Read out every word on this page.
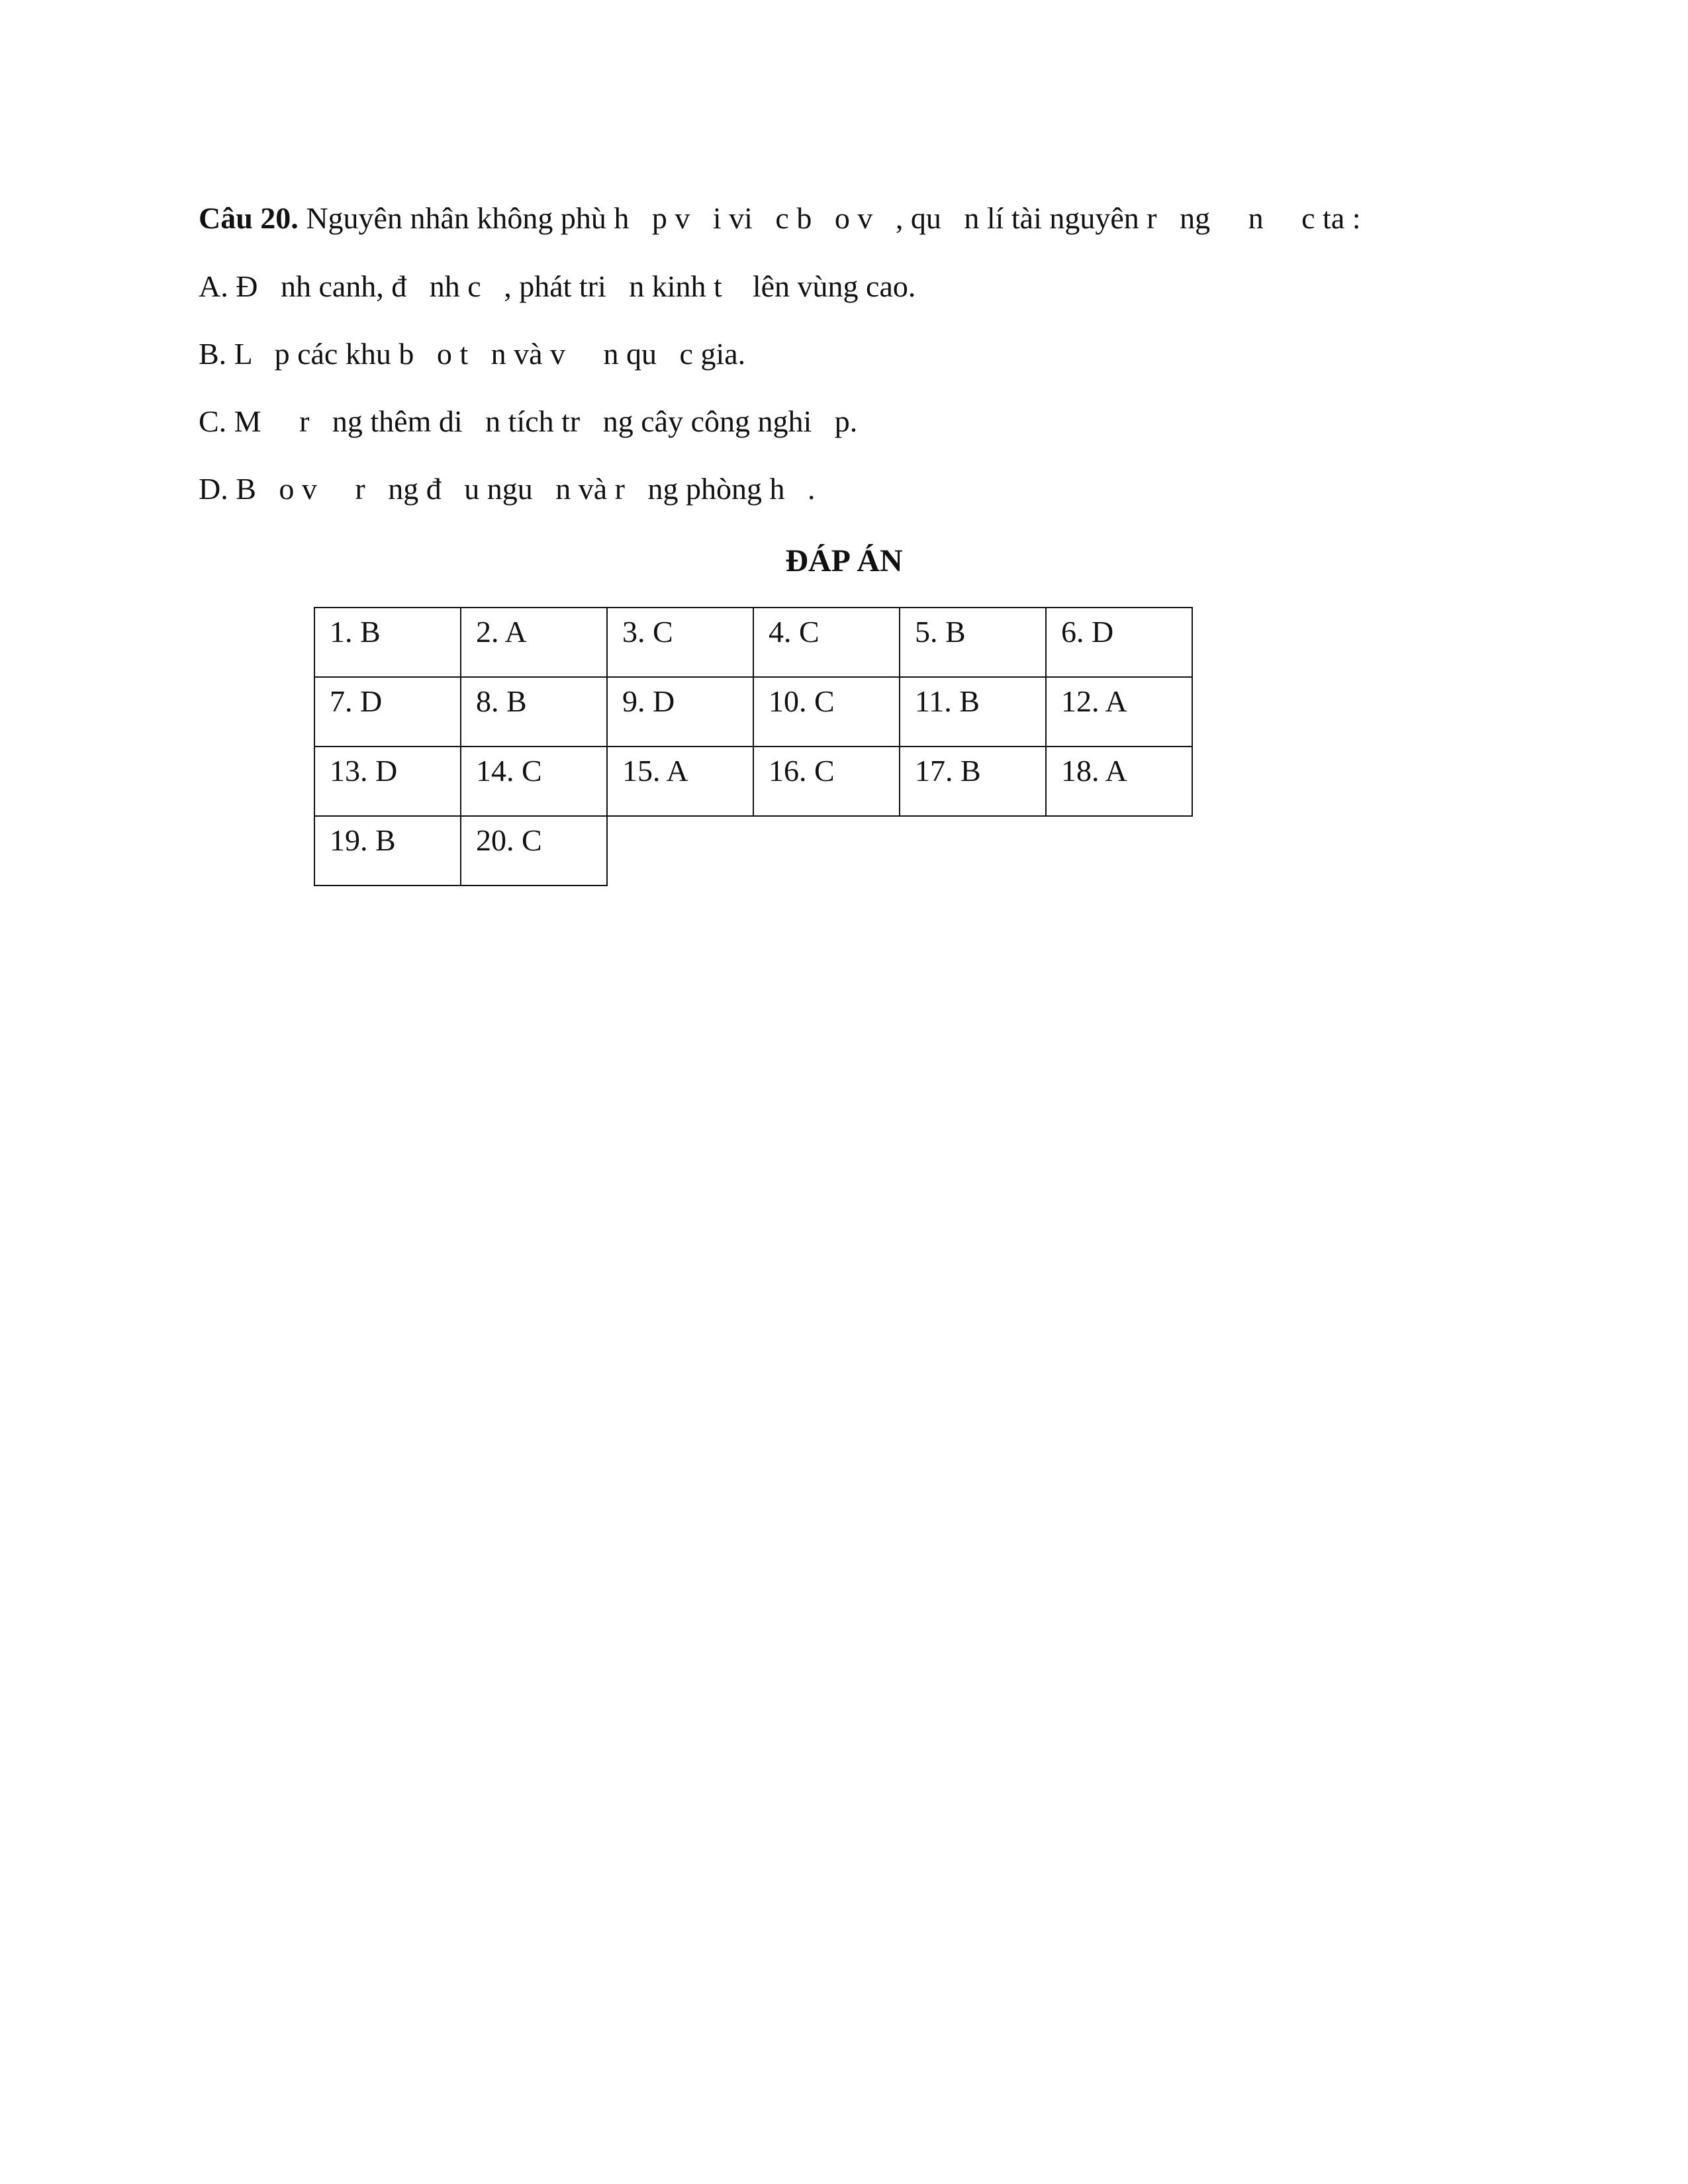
Câu 20. Nguyên nhân không phù h   p v   i vi   c b   o v   , qu   n lí tài nguyên r   ng     n     c ta :
A. Đ   nh canh, đ   nh c   , phát tri   n kinh t    lên vùng cao.
B. L   p các khu b   o t   n và v     n qu   c gia.
C. M     r   ng thêm di   n tích tr   ng cây công nghi   p.
D. B   o v     r   ng đ   u ngu   n và r   ng phòng h   .
ĐÁP ÁN
1. B	2. A	3. C	4. C	5. B	6. D
7. D	8. B	9. D	10. C	11. B	12. A
13. D	14. C	15. A	16. C	17. B	18. A
19. B	20. C				
